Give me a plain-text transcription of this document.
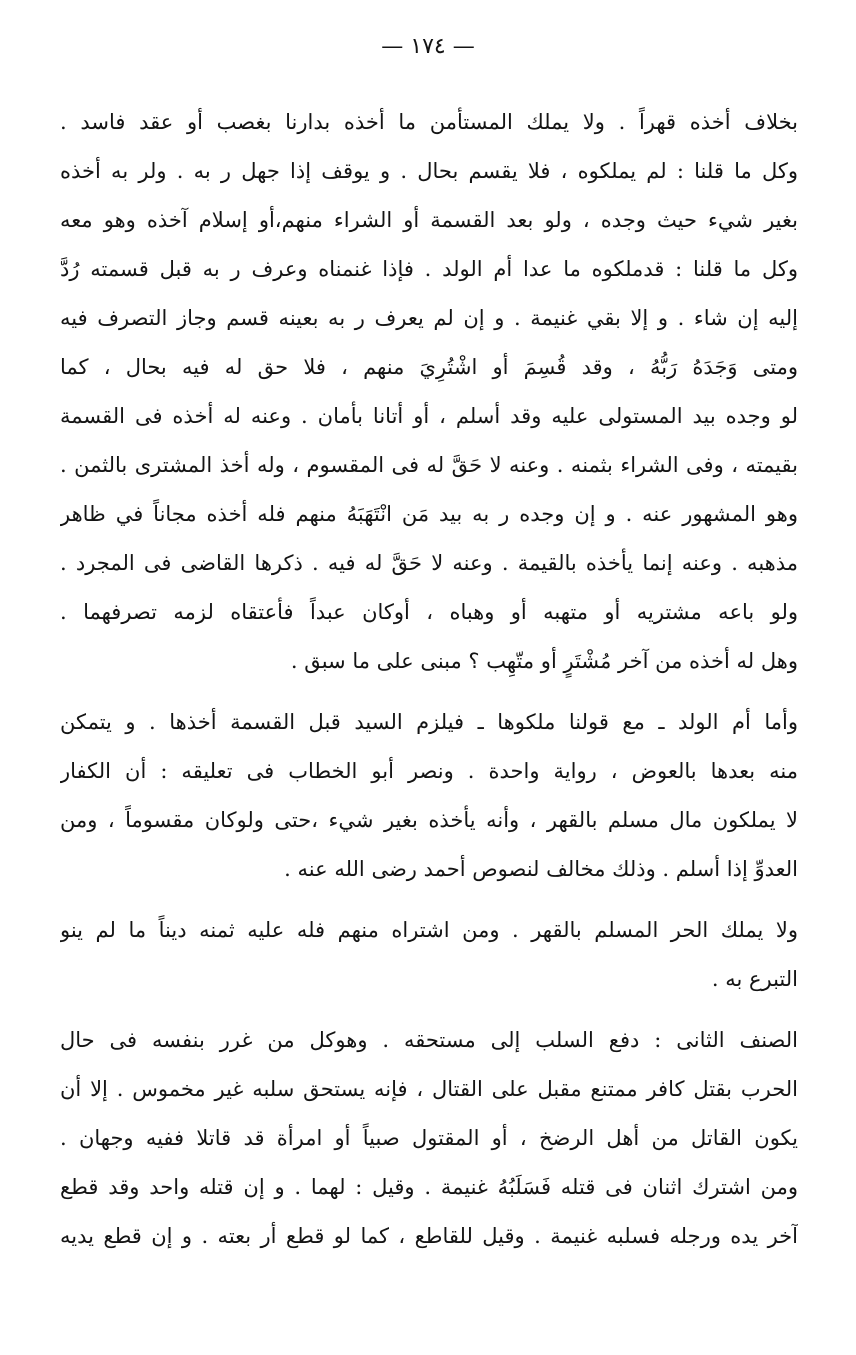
— ١٧٤ —
بخلاف أخذه قهراً . ولا يملك المستأمن ما أخذه بدارنا بغصب أو عقد فاسد .
وكل ما قلنا : لم يملكوه ، فلا يقسم بحال . و يوقف إذا جهل ر به . ولر به أخذه
بغير شيء حيث وجده ، ولو بعد القسمة أو الشراء منهم،أو إسلام آخذه وهو معه
وكل ما قلنا : قدملكوه ما عدا أم الولد . فإذا غنمناه وعرف ر به قبل قسمته رُدَّ
إليه إن شاء . و إلا بقي غنيمة . و إن لم يعرف ر به بعينه قسم وجاز التصرف فيه
ومتى وَجَدَهُ رَبُّهُ ، وقد قُسِمَ أو اشْتُرِيَ منهم ، فلا حق له فيه بحال ، كما
لو وجده بيد المستولى عليه وقد أسلم ، أو أتانا بأمان . وعنه له أخذه فى القسمة
بقيمته ، وفى الشراء بثمنه . وعنه لا حَقَّ له فى المقسوم ، وله أخذ المشترى بالثمن .
وهو المشهور عنه . و إن وجده ر به بيد مَن انْتَهَبَهُ منهم فله أخذه مجاناً في ظاهر
مذهبه . وعنه إنما يأخذه بالقيمة . وعنه لا حَقَّ له فيه . ذكرها القاضى فى المجرد .
ولو باعه مشتريه أو متهبه أو وهباه ، أوكان عبداً فأعتقاه لزمه تصرفهما .
وهل له أخذه من آخر مُشْتَرٍ أو متّهِب ؟ مبنى على ما سبق .
وأما أم الولد ـ مع قولنا ملكوها ـ فيلزم السيد قبل القسمة أخذها . و يتمكن
منه بعدها بالعوض ، رواية واحدة . ونصر أبو الخطاب فى تعليقه : أن الكفار
لا يملكون مال مسلم بالقهر ، وأنه يأخذه بغير شيء ،حتى ولوكان مقسوماً ، ومن
العدوِّ إذا أسلم . وذلك مخالف لنصوص أحمد رضى الله عنه .
ولا يملك الحر المسلم بالقهر . ومن اشتراه منهم فله عليه ثمنه ديناً ما لم ينو
التبرع به .
الصنف الثانى : دفع السلب إلى مستحقه . وهوكل من غرر بنفسه فى حال
الحرب بقتل كافر ممتنع مقبل على القتال ، فإنه يستحق سلبه غير مخموس . إلا أن
يكون القاتل من أهل الرضخ ، أو المقتول صبياً أو امرأة قد قاتلا ففيه وجهان .
ومن اشترك اثنان فى قتله فَسَلَبُهُ غنيمة . وقيل : لهما . و إن قتله واحد وقد قطع
آخر يده ورجله فسلبه غنيمة . وقيل للقاطع ، كما لو قطع أر بعته . و إن قطع يديه
